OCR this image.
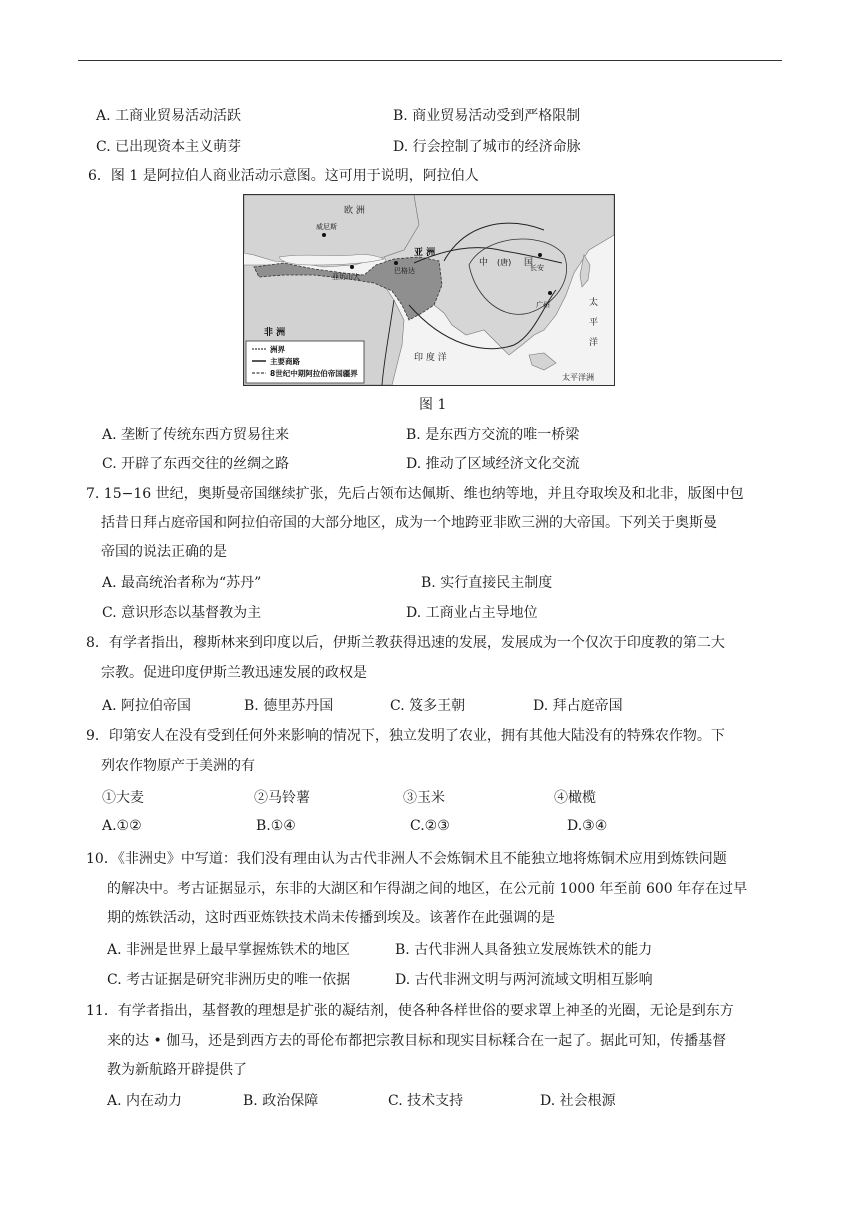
A. 工商业贸易活动活跃	B. 商业贸易活动受到严格限制
C. 已出现资本主义萌芽	D. 行会控制了城市的经济命脉
6．图 1 是阿拉伯人商业活动示意图。这可用于说明，阿拉伯人
欧 洲
威尼斯
亚 洲
非 洲
中 (唐) 国
长安
广州
巴格达
亚历山大
印 度 洋
太
平
洋
太平洋洲
洲界
主要商路
8世纪中期阿拉伯帝国疆界
图 1
A. 垄断了传统东西方贸易往来	B. 是东西方交流的唯一桥梁
C. 开辟了东西交往的丝绸之路	D. 推动了区域经济文化交流
7. 15−16 世纪，奥斯曼帝国继续扩张，先后占领布达佩斯、维也纳等地，并且夺取埃及和北非，版图中包
括昔日拜占庭帝国和阿拉伯帝国的大部分地区，成为一个地跨亚非欧三洲的大帝国。下列关于奥斯曼
帝国的说法正确的是
A. 最高统治者称为“苏丹”	B. 实行直接民主制度
C. 意识形态以基督教为主	D. 工商业占主导地位
8．有学者指出，穆斯林来到印度以后，伊斯兰教获得迅速的发展，发展成为一个仅次于印度教的第二大
宗教。促进印度伊斯兰教迅速发展的政权是
A. 阿拉伯帝国	B. 德里苏丹国	C. 笈多王朝	D. 拜占庭帝国
9．印第安人在没有受到任何外来影响的情况下，独立发明了农业，拥有其他大陆没有的特殊农作物。下
列农作物原产于美洲的有
①大麦	②马铃薯	③玉米	④橄榄
A.①②	B.①④	C.②③	D.③④
10．《非洲史》中写道：我们没有理由认为古代非洲人不会炼铜术且不能独立地将炼铜术应用到炼铁问题
的解决中。考古证据显示，东非的大湖区和乍得湖之间的地区，在公元前 1000 年至前 600 年存在过早
期的炼铁活动，这时西亚炼铁技术尚未传播到埃及。该著作在此强调的是
A. 非洲是世界上最早掌握炼铁术的地区	B. 古代非洲人具备独立发展炼铁术的能力
C. 考古证据是研究非洲历史的唯一依据	D. 古代非洲文明与两河流域文明相互影响
11．有学者指出，基督教的理想是扩张的凝结剂，使各种各样世俗的要求罩上神圣的光圈，无论是到东方
来的达 • 伽马，还是到西方去的哥伦布都把宗教目标和现实目标糅合在一起了。据此可知，传播基督
教为新航路开辟提供了
A. 内在动力	B. 政治保障	C. 技术支持	D. 社会根源
